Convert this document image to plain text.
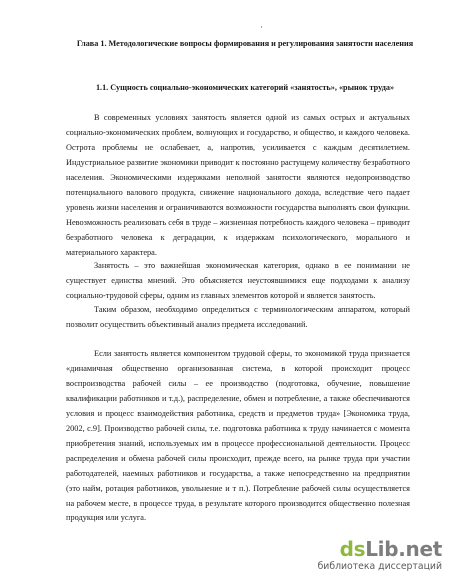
·
Глава 1. Методологические вопросы формирования и регулирования занятости населения
1.1. Сущность социально-экономических категорий «занятость», «рынок труда»

В современных условиях занятость является одной из самых острых и актуальных социально-экономических проблем, волнующих и государство, и общество, и каждого человека. Острота проблемы не ослабевает, а, напротив, усиливается с каждым десятилетием. Индустриальное развитие экономики приводит к постоянно растущему количеству безработного населения. Экономическими издержками неполной занятости являются недопроизводство потенциального валового продукта, снижение национального дохода, вследствие чего падает уровень жизни населения и ограничиваются возможности государства выполнять свои функции. Невозможность реализовать себя в труде – жизненная потребность каждого человека – приводит безработного человека к деградации, к издержкам психологического, морального и материального характера.

Занятость – это важнейшая экономическая категория, однако в ее понимании не существует единства мнений. Это объясняется неустоявшимися еще подходами к анализу социально-трудовой сферы, одним из главных элементов которой и является занятость.

Таким образом, необходимо определиться с терминологическим аппаратом, который позволит осуществить объективный анализ предмета исследований.

Если занятость является компонентом трудовой сферы, то экономикой труда признается «динамичная общественно организованная система, в которой происходит процесс воспроизводства рабочей силы – ее производство (подготовка, обучение, повышение квалификации работников и т.д.), распределение, обмен и потребление, а также обеспечиваются условия и процесс взаимодействия работника, средств и предметов труда» [Экономика труда, 2002, с.9]. Производство рабочей силы, т.е. подготовка работника к труду начинается с момента приобретения знаний, используемых им в процессе профессиональной деятельности. Процесс распределения и обмена рабочей силы происходит, прежде всего, на рынке труда при участии работодателей, наемных работников и государства, а также непосредственно на предприятии (это найм, ротация работников, увольнение и т п.). Потребление рабочей силы осуществляется на рабочем месте, в процессе труда, в результате которого производится общественно полезная продукция или услуга.

dsLib.net
библиотека диссертаций
